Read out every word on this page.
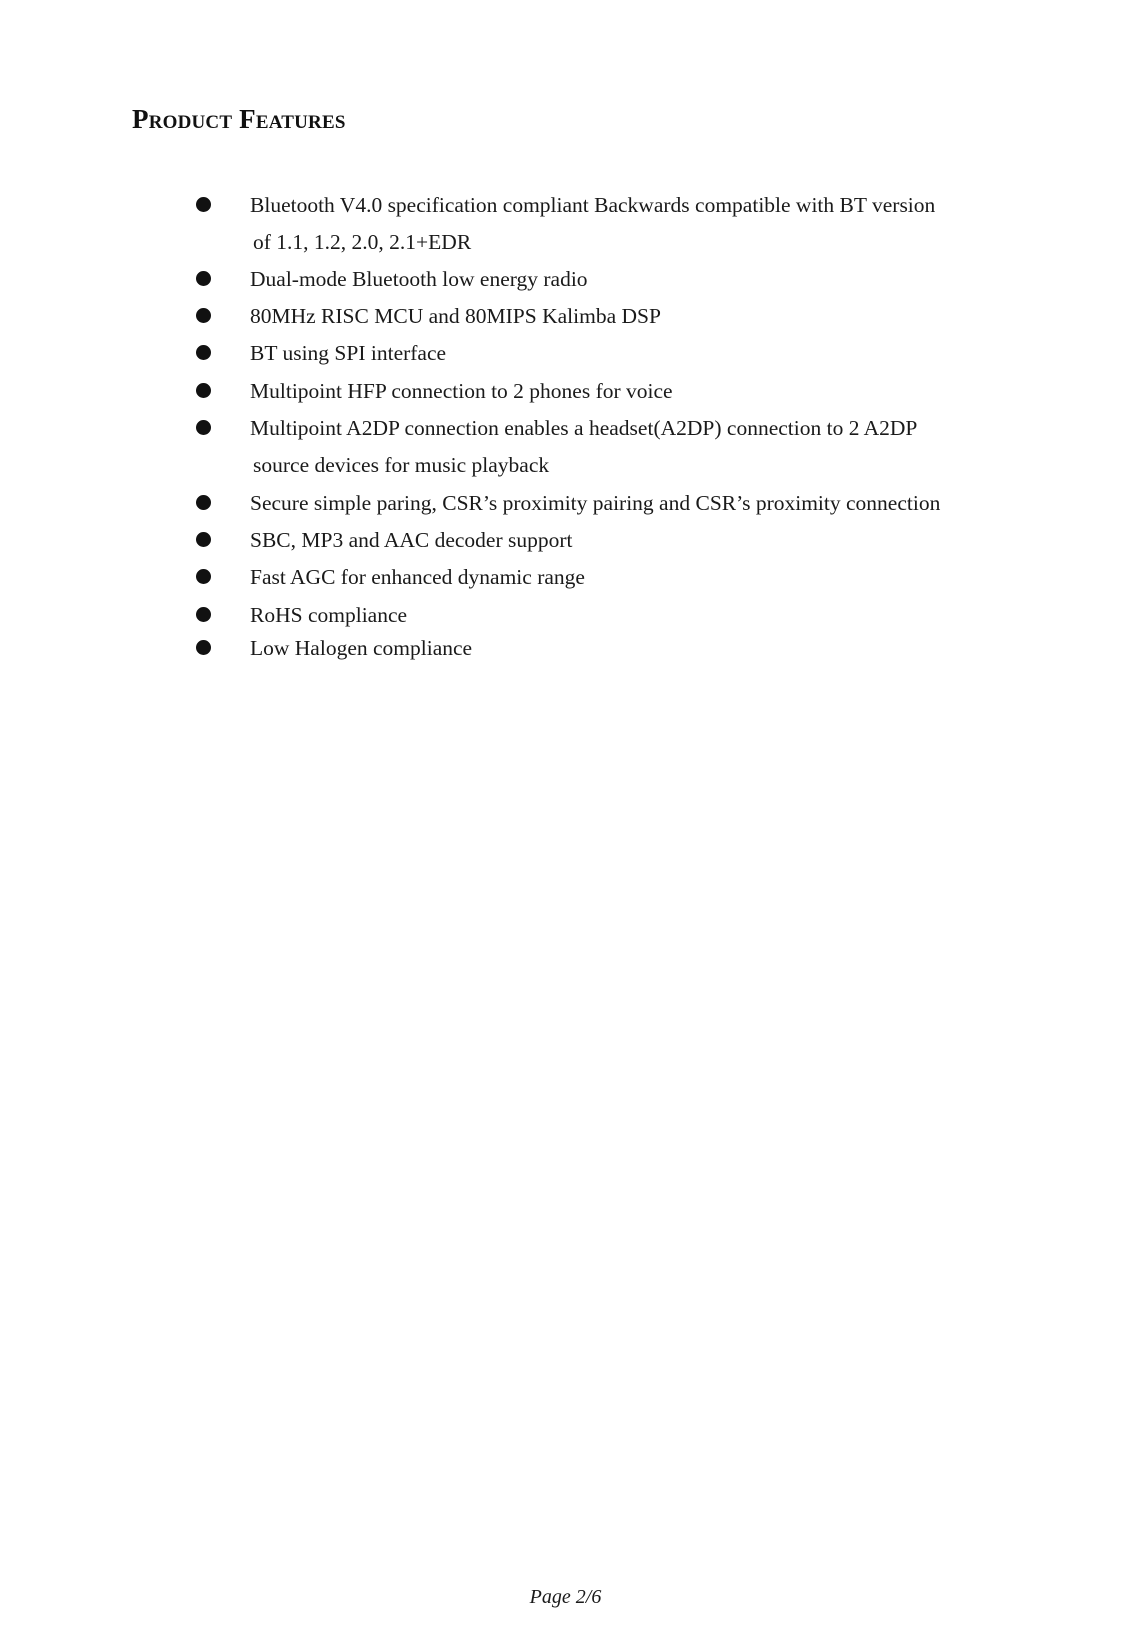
Product Features
Bluetooth V4.0 specification compliant Backwards compatible with BT version
of 1.1, 1.2, 2.0, 2.1+EDR
Dual-mode Bluetooth low energy radio
80MHz RISC MCU and 80MIPS Kalimba DSP
BT using SPI interface
Multipoint HFP connection to 2 phones for voice
Multipoint A2DP connection enables a headset(A2DP) connection to 2 A2DP
source devices for music playback
Secure simple paring, CSR’s proximity pairing and CSR’s proximity connection
SBC, MP3 and AAC decoder support
Fast AGC for enhanced dynamic range
RoHS compliance
Low Halogen compliance
Page 2/6
